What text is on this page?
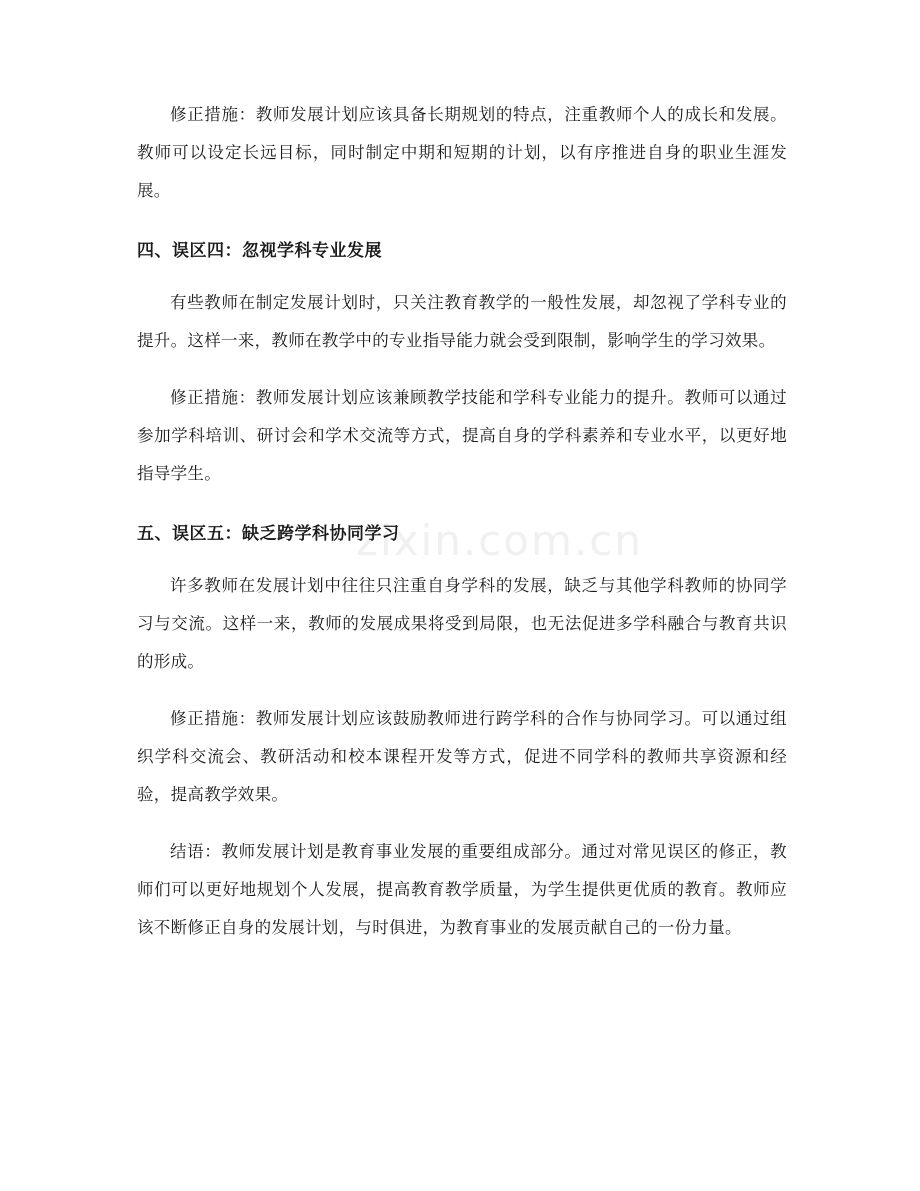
zixin.com.cn

修正措施：教师发展计划应该具备长期规划的特点，注重教师个人的成长和发展。教师可以设定长远目标，同时制定中期和短期的计划，以有序推进自身的职业生涯发展。

四、误区四：忽视学科专业发展

有些教师在制定发展计划时，只关注教育教学的一般性发展，却忽视了学科专业的提升。这样一来，教师在教学中的专业指导能力就会受到限制，影响学生的学习效果。

修正措施：教师发展计划应该兼顾教学技能和学科专业能力的提升。教师可以通过参加学科培训、研讨会和学术交流等方式，提高自身的学科素养和专业水平，以更好地指导学生。

五、误区五：缺乏跨学科协同学习

许多教师在发展计划中往往只注重自身学科的发展，缺乏与其他学科教师的协同学习与交流。这样一来，教师的发展成果将受到局限，也无法促进多学科融合与教育共识的形成。

修正措施：教师发展计划应该鼓励教师进行跨学科的合作与协同学习。可以通过组织学科交流会、教研活动和校本课程开发等方式，促进不同学科的教师共享资源和经验，提高教学效果。

结语：教师发展计划是教育事业发展的重要组成部分。通过对常见误区的修正，教师们可以更好地规划个人发展，提高教育教学质量，为学生提供更优质的教育。教师应该不断修正自身的发展计划，与时俱进，为教育事业的发展贡献自己的一份力量。
